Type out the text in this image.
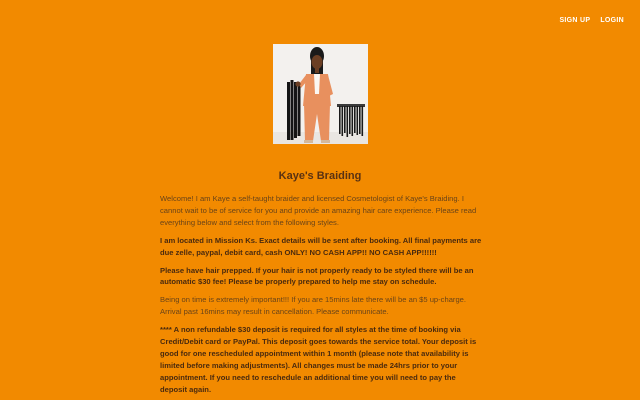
SIGN UP LOGIN
Kaye's Braiding

Welcome! I am Kaye a self-taught braider and licensed Cosmetologist of Kaye's Braiding. I cannot wait to be of service for you and provide an amazing hair care experience. Please read everything below and select from the following styles.

I am located in Mission Ks. Exact details will be sent after booking. All final payments are due zelle, paypal, debit card, cash ONLY! NO CASH APP!! NO CASH APP!!!!!!

Please have hair prepped. If your hair is not properly ready to be styled there will be an automatic $30 fee! Please be properly prepared to help me stay on schedule.

Being on time is extremely important!!! If you are 15mins late there will be an $5 up-charge. Arrival past 16mins may result in cancellation. Please communicate.

**** A non refundable $30 deposit is required for all styles at the time of booking via Credit/Debit card or PayPal. This deposit goes towards the service total. Your deposit is good for one rescheduled appointment within 1 month (please note that availability is limited before making adjustments). All changes must be made 24hrs prior to your appointment. If you need to reschedule an additional time you will need to pay the deposit again.
